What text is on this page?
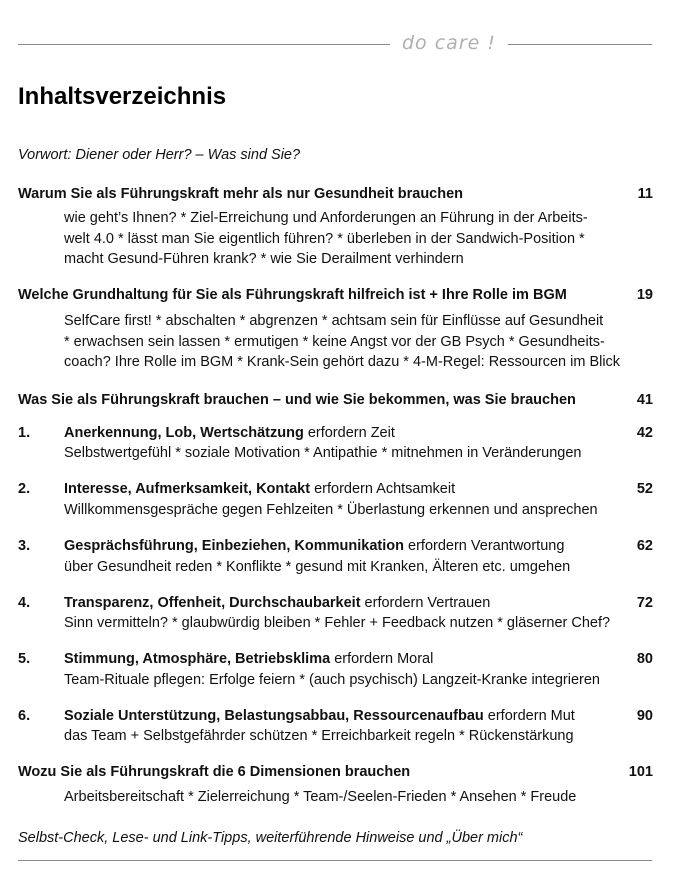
do care !
Inhaltsverzeichnis
Vorwort: Diener oder Herr? – Was sind Sie?
Warum Sie als Führungskraft mehr als nur Gesundheit brauchen	11
wie geht’s Ihnen? * Ziel-Erreichung und Anforderungen an Führung in der Arbeits-
welt 4.0 * lässt man Sie eigentlich führen? * überleben in der Sandwich-Position *
macht Gesund-Führen krank? * wie Sie Derailment verhindern
Welche Grundhaltung für Sie als Führungskraft hilfreich ist + Ihre Rolle im BGM	19
SelfCare first! * abschalten * abgrenzen * achtsam sein für Einflüsse auf Gesundheit
* erwachsen sein lassen * ermutigen * keine Angst vor der GB Psych * Gesundheits-
coach? Ihre Rolle im BGM * Krank-Sein gehört dazu * 4-M-Regel: Ressourcen im Blick
Was Sie als Führungskraft brauchen – und wie Sie bekommen, was Sie brauchen	41
1. Anerkennung, Lob, Wertschätzung erfordern Zeit	42
Selbstwertgefühl * soziale Motivation * Antipathie * mitnehmen in Veränderungen
2. Interesse, Aufmerksamkeit, Kontakt erfordern Achtsamkeit	52
Willkommensgespräche gegen Fehlzeiten * Überlastung erkennen und ansprechen
3. Gesprächsführung, Einbeziehen, Kommunikation erfordern Verantwortung	62
über Gesundheit reden * Konflikte * gesund mit Kranken, Älteren etc. umgehen
4. Transparenz, Offenheit, Durchschaubarkeit erfordern Vertrauen	72
Sinn vermitteln? * glaubwürdig bleiben * Fehler + Feedback nutzen * gläserner Chef?
5. Stimmung, Atmosphäre, Betriebsklima erfordern Moral	80
Team-Rituale pflegen: Erfolge feiern * (auch psychisch) Langzeit-Kranke integrieren
6. Soziale Unterstützung, Belastungsabbau, Ressourcenaufbau erfordern Mut	90
das Team + Selbstgefährder schützen * Erreichbarkeit regeln * Rückenstärkung
Wozu Sie als Führungskraft die 6 Dimensionen brauchen	101
Arbeitsbereitschaft * Zielerreichung * Team-/Seelen-Frieden * Ansehen * Freude
Selbst-Check, Lese- und Link-Tipps, weiterführende Hinweise und „Über mich“
